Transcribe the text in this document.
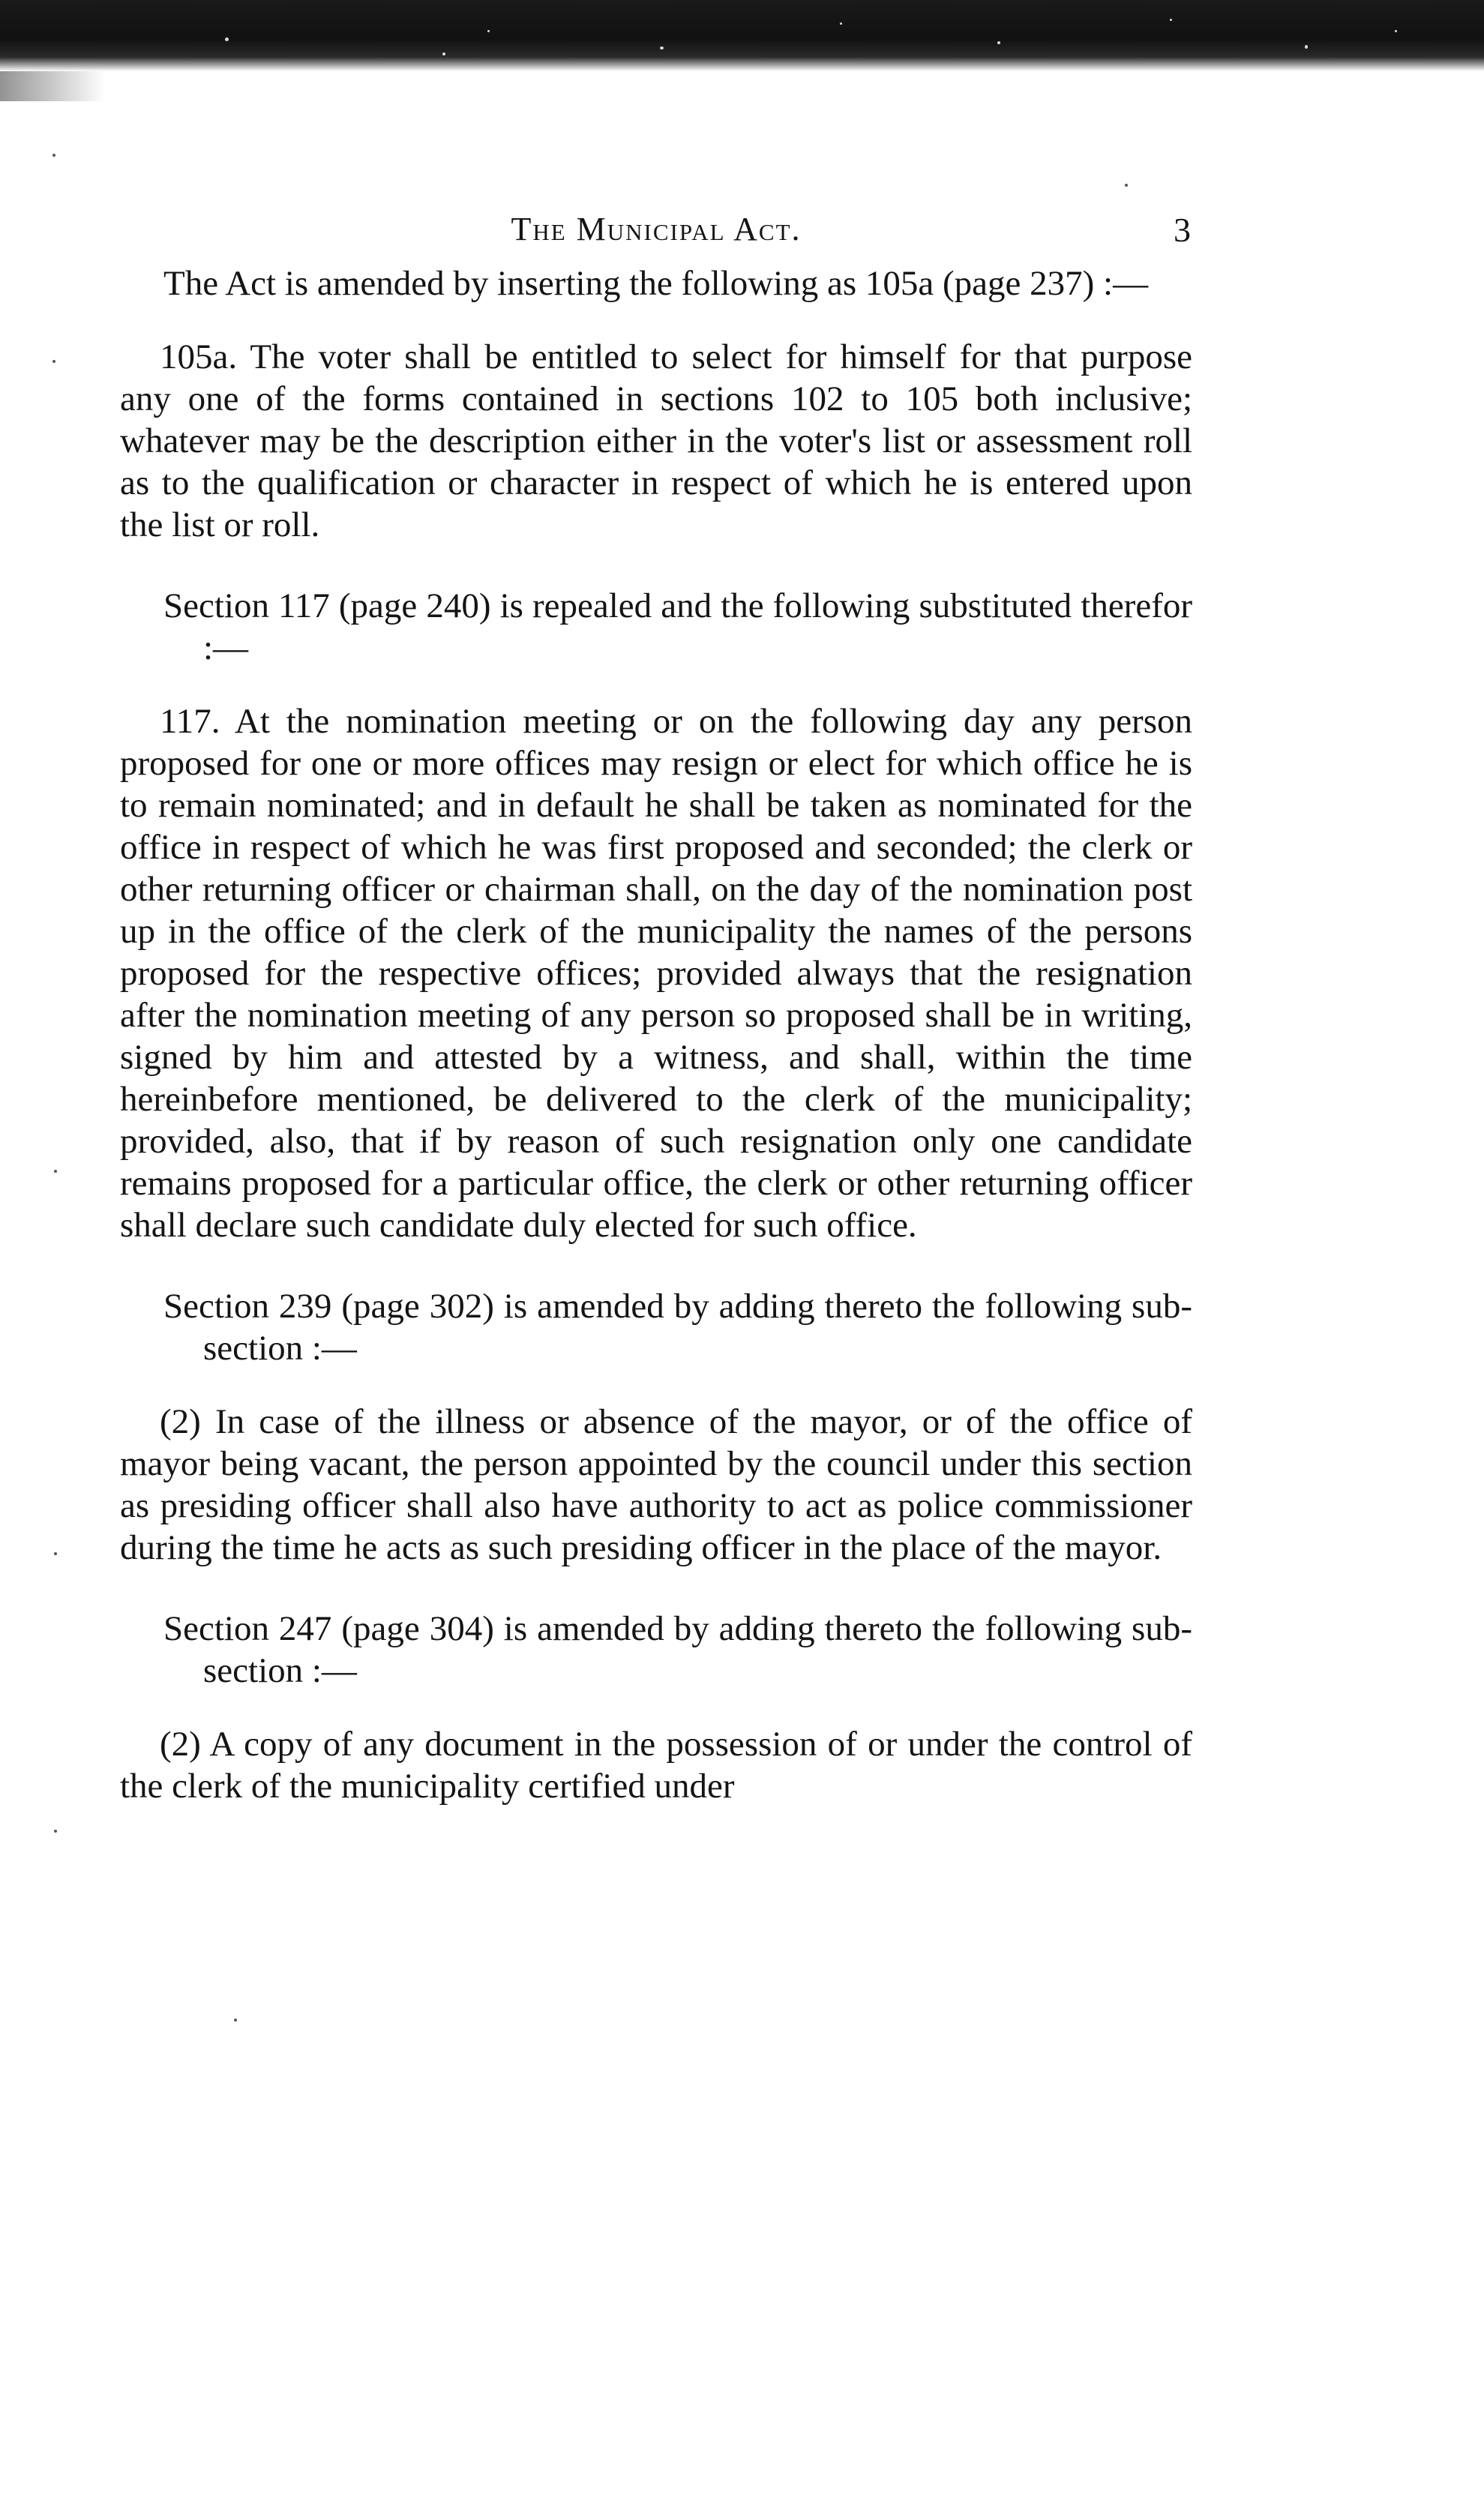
The Municipal Act.	3

The Act is amended by inserting the following as 105a (page 237) :—

105a. The voter shall be entitled to select for himself for that purpose any one of the forms contained in sections 102 to 105 both inclusive; whatever may be the description either in the voter's list or assessment roll as to the qualification or character in respect of which he is entered upon the list or roll.

Section 117 (page 240) is repealed and the following substituted therefor :—

117. At the nomination meeting or on the following day any person proposed for one or more offices may resign or elect for which office he is to remain nominated; and in default he shall be taken as nominated for the office in respect of which he was first proposed and seconded; the clerk or other returning officer or chairman shall, on the day of the nomination post up in the office of the clerk of the municipality the names of the persons proposed for the respective offices; provided always that the resignation after the nomination meeting of any person so proposed shall be in writing, signed by him and attested by a witness, and shall, within the time hereinbefore mentioned, be delivered to the clerk of the municipality; provided, also, that if by reason of such resignation only one candidate remains proposed for a particular office, the clerk or other returning officer shall declare such candidate duly elected for such office.

Section 239 (page 302) is amended by adding thereto the following sub-section :—

(2) In case of the illness or absence of the mayor, or of the office of mayor being vacant, the person appointed by the council under this section as presiding officer shall also have authority to act as police commissioner during the time he acts as such presiding officer in the place of the mayor.

Section 247 (page 304) is amended by adding thereto the following sub-section :—

(2) A copy of any document in the possession of or under the control of the clerk of the municipality certified under
